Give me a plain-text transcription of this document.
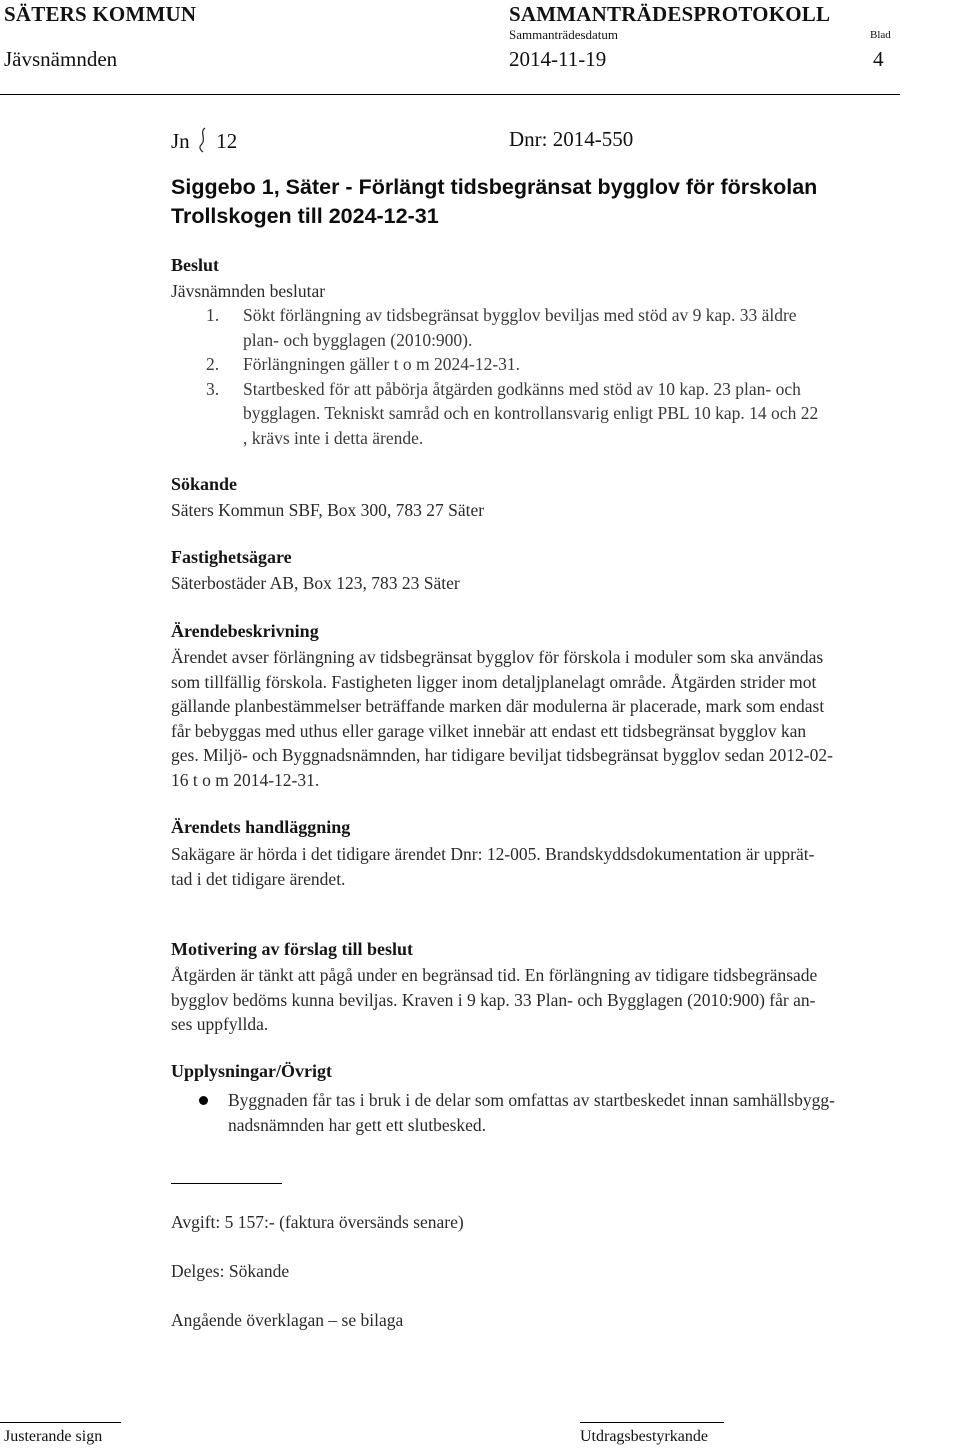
SÄTERS KOMMUN	SAMMANTRÄDESPROTOKOLL
Sammanträdesdatum	Blad
Jävsnämnden	2014-11-19	4
Jn 12	Dnr: 2014-550
Siggebo 1, Säter - Förlängt tidsbegränsat bygglov för förskolan
Trollskogen till 2024-12-31
Beslut
Jävsnämnden beslutar
1. Sökt förlängning av tidsbegränsat bygglov beviljas med stöd av 9 kap. 33 äldre
plan- och bygglagen (2010:900).
2. Förlängningen gäller t o m 2024-12-31.
3. Startbesked för att påbörja åtgärden godkänns med stöd av 10 kap. 23 plan- och
bygglagen. Tekniskt samråd och en kontrollansvarig enligt PBL 10 kap. 14 och 22
, krävs inte i detta ärende.
Sökande
Säters Kommun SBF, Box 300, 783 27 Säter
Fastighetsägare
Säterbostäder AB, Box 123, 783 23 Säter
Ärendebeskrivning
Ärendet avser förlängning av tidsbegränsat bygglov för förskola i moduler som ska användas
som tillfällig förskola. Fastigheten ligger inom detaljplanelagt område. Åtgärden strider mot
gällande planbestämmelser beträffande marken där modulerna är placerade, mark som endast
får bebyggas med uthus eller garage vilket innebär att endast ett tidsbegränsat bygglov kan
ges. Miljö- och Byggnadsnämnden, har tidigare beviljat tidsbegränsat bygglov sedan 2012-02-
16 t o m 2014-12-31.
Ärendets handläggning
Sakägare är hörda i det tidigare ärendet Dnr: 12-005. Brandskyddsdokumentation är upprät-
tad i det tidigare ärendet.
Motivering av förslag till beslut
Åtgärden är tänkt att pågå under en begränsad tid. En förlängning av tidigare tidsbegränsade
bygglov bedöms kunna beviljas. Kraven i 9 kap. 33 Plan- och Bygglagen (2010:900) får an-
ses uppfyllda.
Upplysningar/Övrigt
Byggnaden får tas i bruk i de delar som omfattas av startbeskedet innan samhällsbygg-
nadsnämnden har gett ett slutbesked.
Avgift: 5 157:- (faktura översänds senare)
Delges: Sökande
Angående överklagan – se bilaga
Justerande sign	Utdragsbestyrkande
